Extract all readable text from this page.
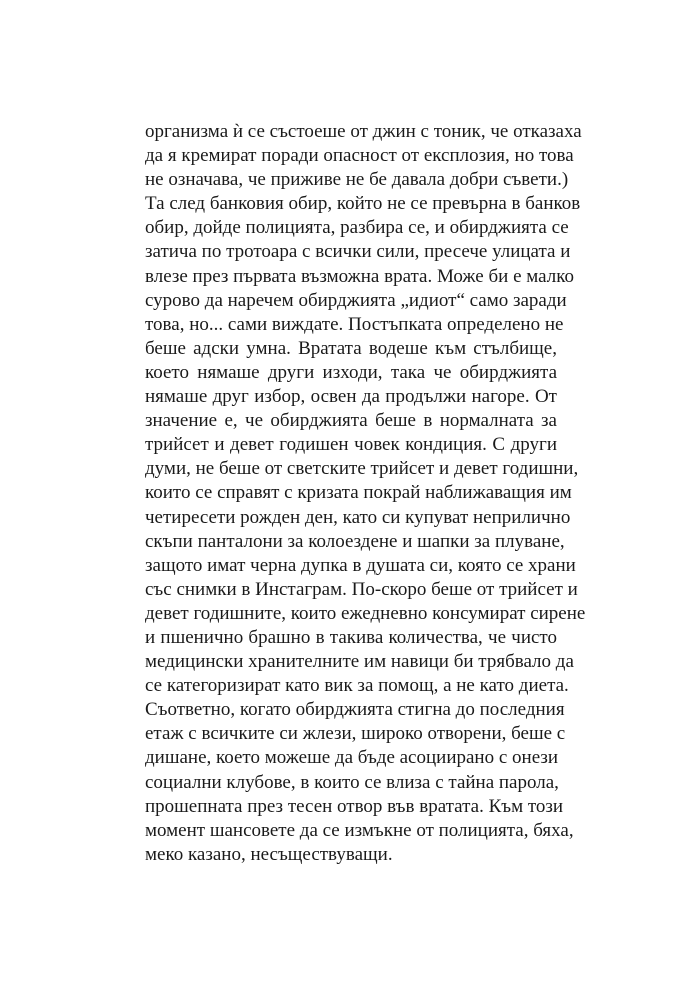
организма ѝ се състоеше от джин с тоник, че отказаха
да я кремират поради опасност от експлозия, но това
не означава, че приживе не бе давала добри съвети.)
Та след банковия обир, който не се превърна в банков
обир, дойде полицията, разбира се, и обирджията се
затича по тротоара с всички сили, пресече улицата и
влезе през първата възможна врата. Може би е малко
сурово да наречем обирджията „идиот“ само заради
това, но... сами виждате. Постъпката определено не
беше адски умна. Вратата водеше към стълбище,
което нямаше други изходи, така че обирджията
нямаше друг избор, освен да продължи нагоре. От
значение е, че обирджията беше в нормалната за
трийсет и девет годишен човек кондиция. С други
думи, не беше от светските трийсет и девет годишни,
които се справят с кризата покрай наближаващия им
четиресети рожден ден, като си купуват неприлично
скъпи панталони за колоездене и шапки за плуване,
защото имат черна дупка в душата си, която се храни
със снимки в Инстаграм. По-скоро беше от трийсет и
девет годишните, които ежедневно консумират сирене
и пшенично брашно в такива количества, че чисто
медицински хранителните им навици би трябвало да
се категоризират като вик за помощ, а не като диета.
Съответно, когато обирджията стигна до последния
етаж с всичките си жлези, широко отворени, беше с
дишане, което можеше да бъде асоциирано с онези
социални клубове, в които се влиза с тайна парола,
прошепната през тесен отвор във вратата. Към този
момент шансовете да се измъкне от полицията, бяха,
меко казано, несъществуващи.
